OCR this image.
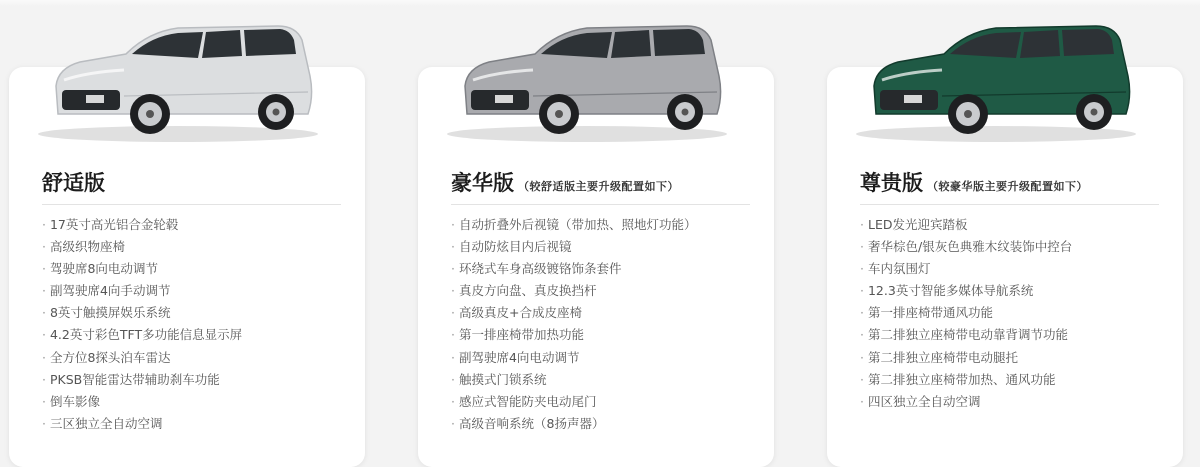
舒适版
· 17英寸高光铝合金轮毂
· 高级织物座椅
· 驾驶席8向电动调节
· 副驾驶席4向手动调节
· 8英寸触摸屏娱乐系统
· 4.2英寸彩色TFT多功能信息显示屏
· 全方位8探头泊车雷达
· PKSB智能雷达带辅助刹车功能
· 倒车影像
· 三区独立全自动空调
豪华版 （较舒适版主要升级配置如下）
· 自动折叠外后视镜（带加热、照地灯功能）
· 自动防炫目内后视镜
· 环绕式车身高级镀铬饰条套件
· 真皮方向盘、真皮换挡杆
· 高级真皮+合成皮座椅
· 第一排座椅带加热功能
· 副驾驶席4向电动调节
· 触摸式门锁系统
· 感应式智能防夹电动尾门
· 高级音响系统（8扬声器）
尊贵版 （较豪华版主要升级配置如下）
· LED发光迎宾踏板
· 奢华棕色/银灰色典雅木纹装饰中控台
· 车内氛围灯
· 12.3英寸智能多媒体导航系统
· 第一排座椅带通风功能
· 第二排独立座椅带电动靠背调节功能
· 第二排独立座椅带电动腿托
· 第二排独立座椅带加热、通风功能
· 四区独立全自动空调
